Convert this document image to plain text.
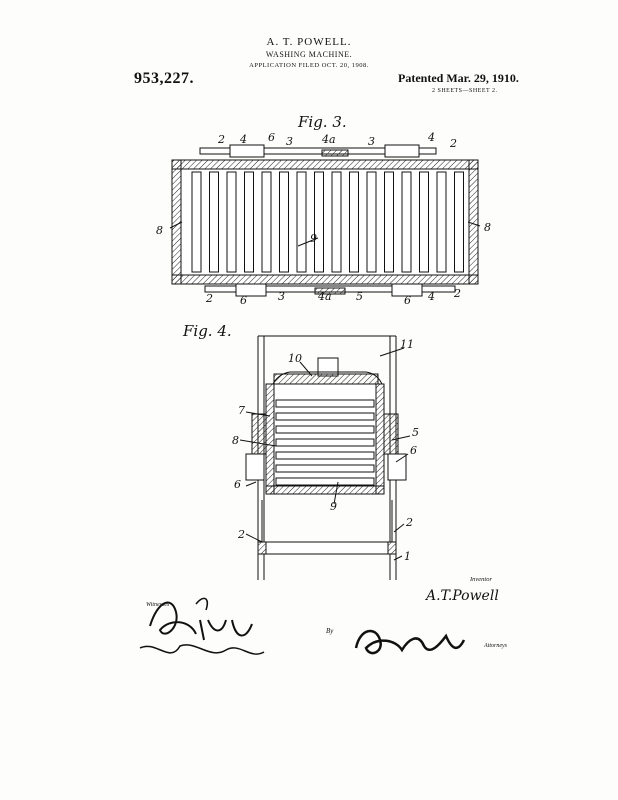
A. T. POWELL.
WASHING MACHINE.
APPLICATION FILED OCT. 20, 1908.
953,227.	Patented Mar. 29, 1910.
2 SHEETS—SHEET 2.
Fig. 3.
Fig. 4.
2 4 6 3	4a	3	4 2
8	8
9
2 6	3	4a 5	6 4 2
10
11
7
8
5
6
6
9
2
2
1
Inventor
A.T.Powell
Witnesses
By
Attorneys
